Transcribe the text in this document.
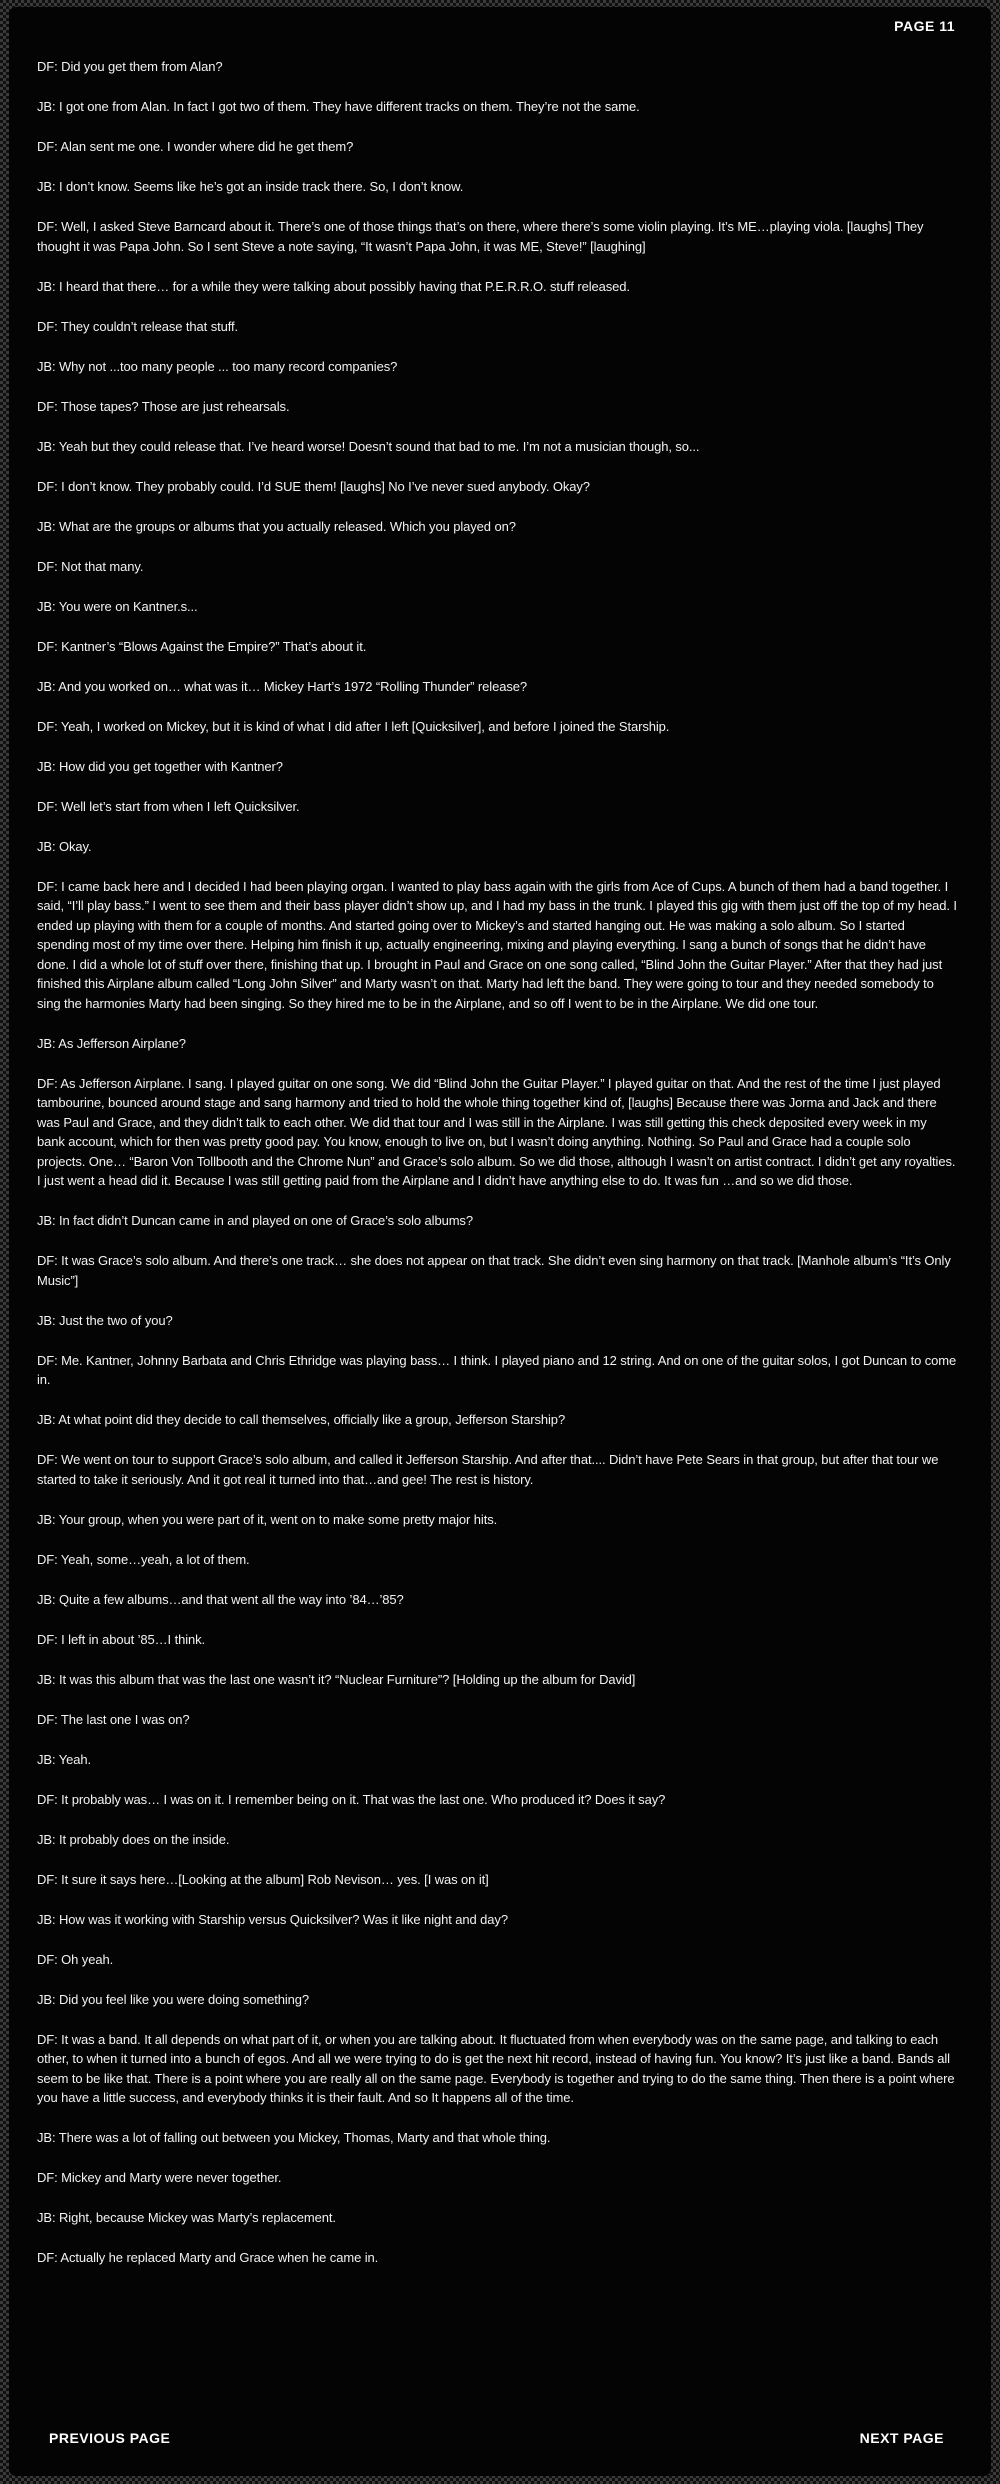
PAGE 11

DF: Did you get them from Alan?

JB: I got one from Alan. In fact I got two of them. They have different tracks on them. They’re not the same.

DF: Alan sent me one. I wonder where did he get them?

JB: I don’t know. Seems like he’s got an inside track there. So, I don’t know.

DF: Well, I asked Steve Barncard about it. There’s one of those things that’s on there, where there’s some violin playing. It’s ME…playing viola. [laughs] They thought it was Papa John. So I sent Steve a note saying, “It wasn’t Papa John, it was ME, Steve!” [laughing]

JB: I heard that there… for a while they were talking about possibly having that P.E.R.R.O. stuff released.

DF: They couldn’t release that stuff.

JB: Why not ...too many people ... too many record companies?

DF: Those tapes? Those are just rehearsals.

JB: Yeah but they could release that. I’ve heard worse! Doesn’t sound that bad to me. I’m not a musician though, so...

DF: I don’t know. They probably could. I’d SUE them! [laughs] No I’ve never sued anybody. Okay?

JB: What are the groups or albums that you actually released. Which you played on?

DF: Not that many.

JB: You were on Kantner.s...

DF: Kantner’s “Blows Against the Empire?” That’s about it.

JB: And you worked on… what was it… Mickey Hart’s 1972 “Rolling Thunder” release?

DF: Yeah, I worked on Mickey, but it is kind of what I did after I left [Quicksilver], and before I joined the Starship.

JB: How did you get together with Kantner?

DF: Well let’s start from when I left Quicksilver.

JB: Okay.

DF: I came back here and I decided I had been playing organ. I wanted to play bass again with the girls from Ace of Cups. A bunch of them had a band together. I said, “I’ll play bass.” I went to see them and their bass player didn’t show up, and I had my bass in the trunk. I played this gig with them just off the top of my head. I ended up playing with them for a couple of months. And started going over to Mickey’s and started hanging out. He was making a solo album. So I started spending most of my time over there. Helping him finish it up, actually engineering, mixing and playing everything. I sang a bunch of songs that he didn’t have done. I did a whole lot of stuff over there, finishing that up. I brought in Paul and Grace on one song called, “Blind John the Guitar Player.” After that they had just finished this Airplane album called “Long John Silver” and Marty wasn’t on that. Marty had left the band. They were going to tour and they needed somebody to sing the harmonies Marty had been singing. So they hired me to be in the Airplane, and so off I went to be in the Airplane. We did one tour.

JB: As Jefferson Airplane?

DF: As Jefferson Airplane. I sang. I played guitar on one song. We did “Blind John the Guitar Player.” I played guitar on that. And the rest of the time I just played tambourine, bounced around stage and sang harmony and tried to hold the whole thing together kind of, [laughs] Because there was Jorma and Jack and there was Paul and Grace, and they didn’t talk to each other. We did that tour and I was still in the Airplane. I was still getting this check deposited every week in my bank account, which for then was pretty good pay. You know, enough to live on, but I wasn’t doing anything. Nothing. So Paul and Grace had a couple solo projects. One… “Baron Von Tollbooth and the Chrome Nun” and Grace’s solo album. So we did those, although I wasn’t on artist contract. I didn’t get any royalties. I just went a head did it. Because I was still getting paid from the Airplane and I didn’t have anything else to do. It was fun …and so we did those.

JB: In fact didn’t Duncan came in and played on one of Grace’s solo albums?

DF: It was Grace’s solo album. And there’s one track… she does not appear on that track. She didn’t even sing harmony on that track. [Manhole album’s “It’s Only Music”]

JB: Just the two of you?

DF: Me. Kantner, Johnny Barbata and Chris Ethridge was playing bass… I think. I played piano and 12 string. And on one of the guitar solos, I got Duncan to come in.

JB: At what point did they decide to call themselves, officially like a group, Jefferson Starship?

DF: We went on tour to support Grace’s solo album, and called it Jefferson Starship. And after that.... Didn’t have Pete Sears in that group, but after that tour we started to take it seriously. And it got real it turned into that…and gee! The rest is history.

JB: Your group, when you were part of it, went on to make some pretty major hits.

DF: Yeah, some…yeah, a lot of them.

JB: Quite a few albums…and that went all the way into ’84…’85?

DF: I left in about ’85…I think.

JB: It was this album that was the last one wasn’t it? “Nuclear Furniture”? [Holding up the album for David]

DF: The last one I was on?

JB: Yeah.

DF: It probably was… I was on it. I remember being on it. That was the last one. Who produced it? Does it say?

JB: It probably does on the inside.

DF: It sure it says here…[Looking at the album] Rob Nevison… yes. [I was on it]

JB: How was it working with Starship versus Quicksilver? Was it like night and day?

DF: Oh yeah.

JB: Did you feel like you were doing something?

DF: It was a band. It all depends on what part of it, or when you are talking about. It fluctuated from when everybody was on the same page, and talking to each other, to when it turned into a bunch of egos. And all we were trying to do is get the next hit record, instead of having fun. You know? It’s just like a band. Bands all seem to be like that. There is a point where you are really all on the same page. Everybody is together and trying to do the same thing. Then there is a point where you have a little success, and everybody thinks it is their fault. And so It happens all of the time.

JB: There was a lot of falling out between you Mickey, Thomas, Marty and that whole thing.

DF: Mickey and Marty were never together.

JB: Right, because Mickey was Marty’s replacement.

DF: Actually he replaced Marty and Grace when he came in.

PREVIOUS PAGE	NEXT PAGE
